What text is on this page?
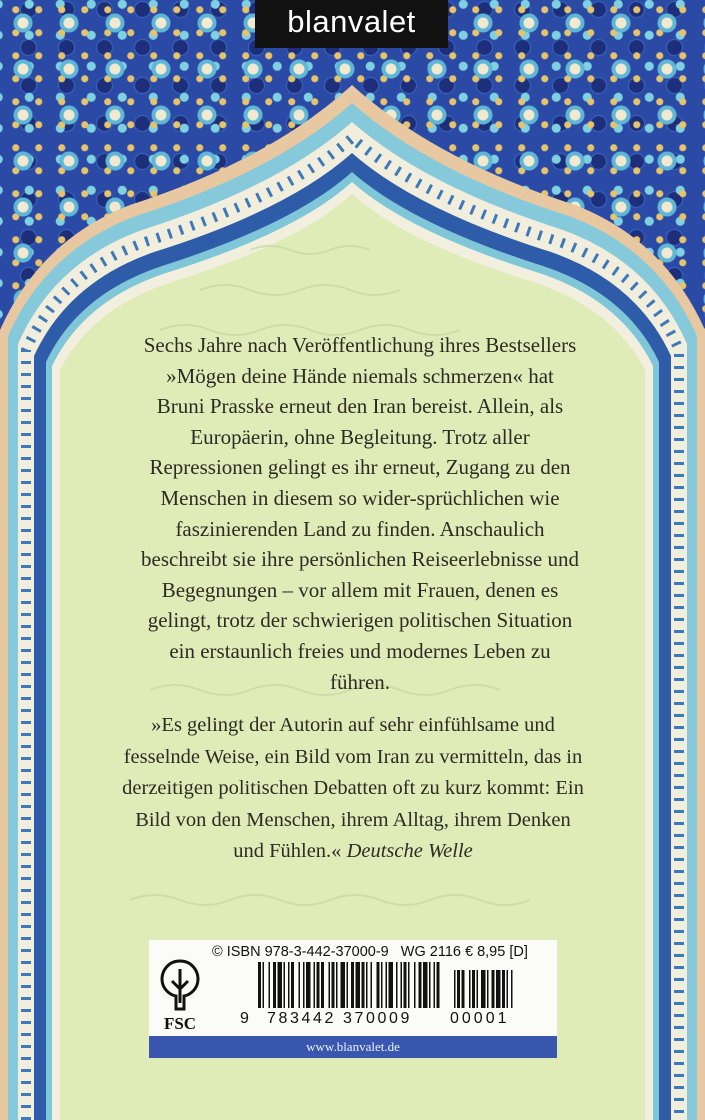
blanvalet

Sechs Jahre nach Veröffentlichung ihres Bestsellers »Mögen deine Hände niemals schmerzen« hat Bruni Prasske erneut den Iran bereist. Allein, als Europäerin, ohne Begleitung. Trotz aller Repressionen gelingt es ihr erneut, Zugang zu den Menschen in diesem so wider-sprüchlichen wie faszinierenden Land zu finden. Anschaulich beschreibt sie ihre persönlichen Reiseerlebnisse und Begegnungen – vor allem mit Frauen, denen es gelingt, trotz der schwierigen politischen Situation ein erstaunlich freies und modernes Leben zu führen.

»Es gelingt der Autorin auf sehr einfühlsame und fesselnde Weise, ein Bild vom Iran zu vermitteln, das in derzeitigen politischen Debatten oft zu kurz kommt: Ein Bild von den Menschen, ihrem Alltag, ihrem Denken und Fühlen.« Deutsche Welle

FSC
© ISBN 978-3-442-37000-9 WG 2116 € 8,95 [D]
9 783442 370009 00001
www.blanvalet.de
